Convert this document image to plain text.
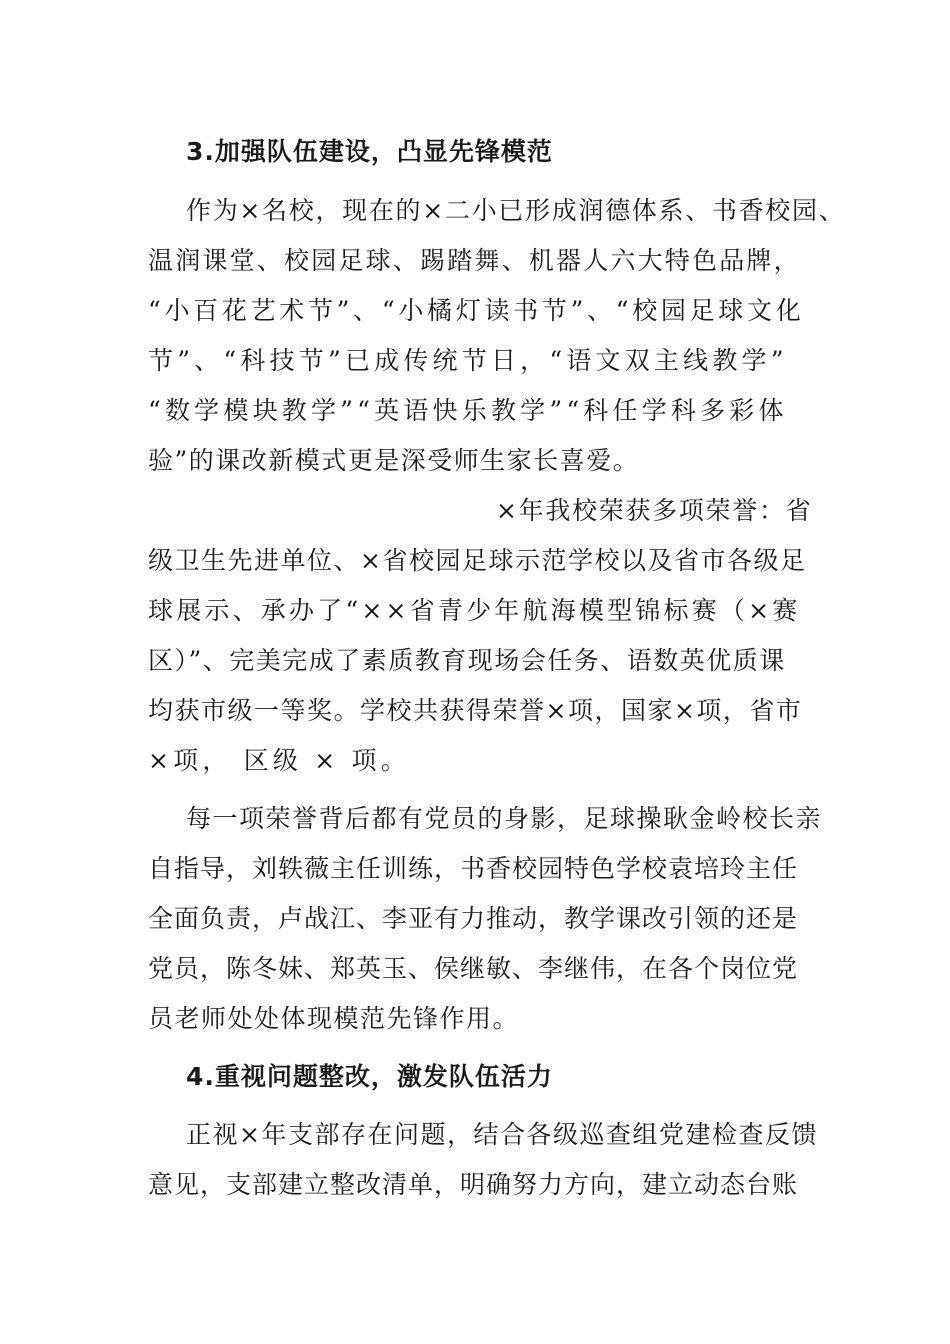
3.加强队伍建设，凸显先锋模范
作为×名校，现在的×二小已形成润德体系、书香校园、
温润课堂、校园足球、踢踏舞、机器人六大特色品牌，
“小百花艺术节”、“小橘灯读书节”、“校园足球文化
节”、“科技节”已成传统节日，“语文双主线教学”
“数学模块教学”“英语快乐教学”“科任学科多彩体
验”的课改新模式更是深受师生家长喜爱。
×年我校荣获多项荣誉：省
级卫生先进单位、×省校园足球示范学校以及省市各级足
球展示、承办了“××省青少年航海模型锦标赛（×赛
区）”、完美完成了素质教育现场会任务、语数英优质课
均获市级一等奖。学校共获得荣誉×项，国家×项，省市
×项， 区级 × 项。
每一项荣誉背后都有党员的身影，足球操耿金岭校长亲
自指导，刘轶薇主任训练，书香校园特色学校袁培玲主任
全面负责，卢战江、李亚有力推动，教学课改引领的还是
党员，陈冬妹、郑英玉、侯继敏、李继伟，在各个岗位党
员老师处处体现模范先锋作用。
4.重视问题整改，激发队伍活力
正视×年支部存在问题，结合各级巡查组党建检查反馈
意见，支部建立整改清单，明确努力方向，建立动态台账
